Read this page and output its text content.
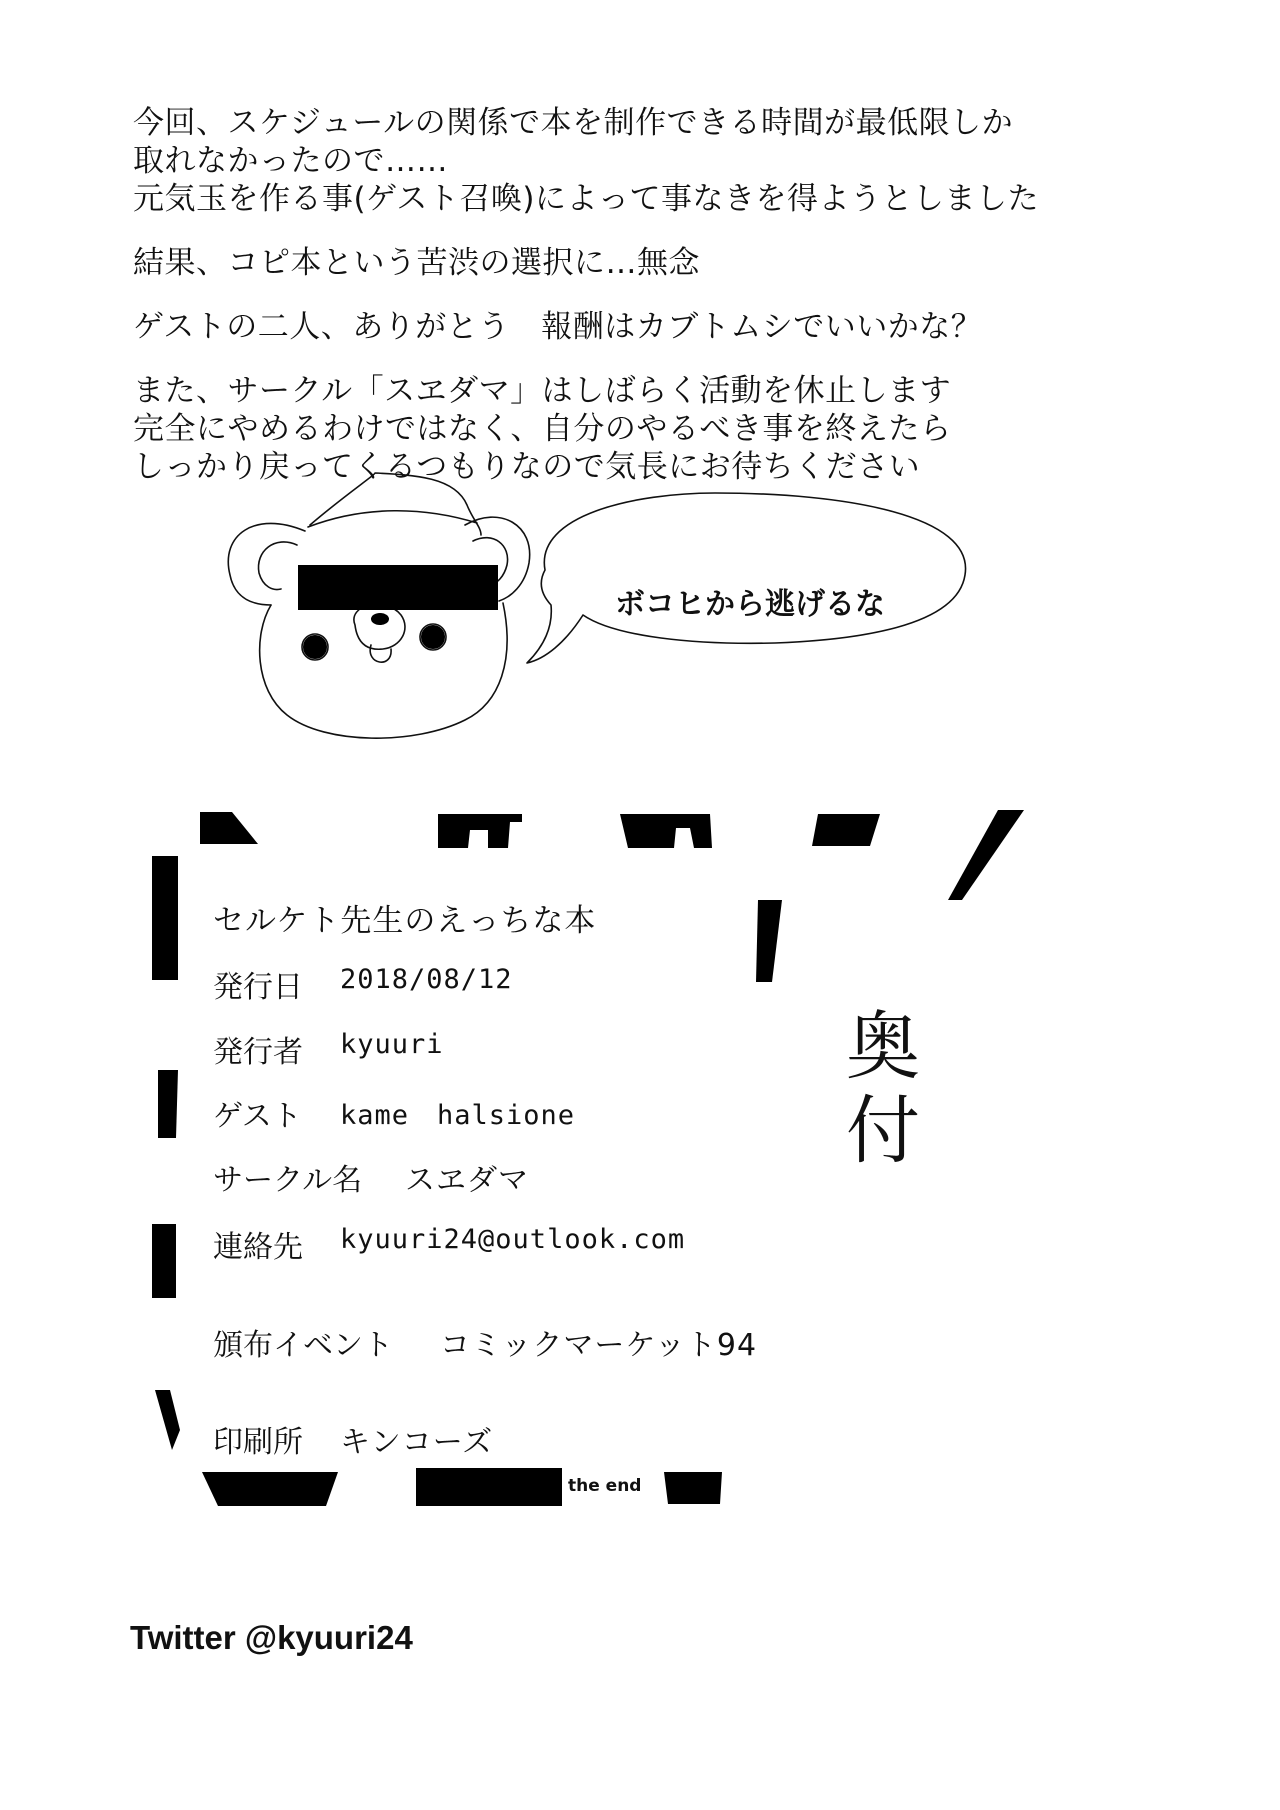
今回、スケジュールの関係で本を制作できる時間が最低限しか
取れなかったので……
元気玉を作る事(ゲスト召喚)によって事なきを得ようとしました
結果、コピ本という苦渋の選択に…無念
ゲストの二人、ありがとう　報酬はカブトムシでいいかな？
また、サークル「スヱダマ」はしばらく活動を休止します
完全にやめるわけではなく、自分のやるべき事を終えたら
しっかり戻ってくるつもりなので気長にお待ちください
ボコヒから逃げるな
セルケト先生のえっちな本
発行日 2018/08/12
発行者 kyuuri
ゲスト kame　halsione
サークル名 スヱダマ
連絡先 kyuuri24@outlook.com
頒布イベント コミックマーケット94
印刷所 キンコーズ
奥
付
the end
Twitter @kyuuri24
